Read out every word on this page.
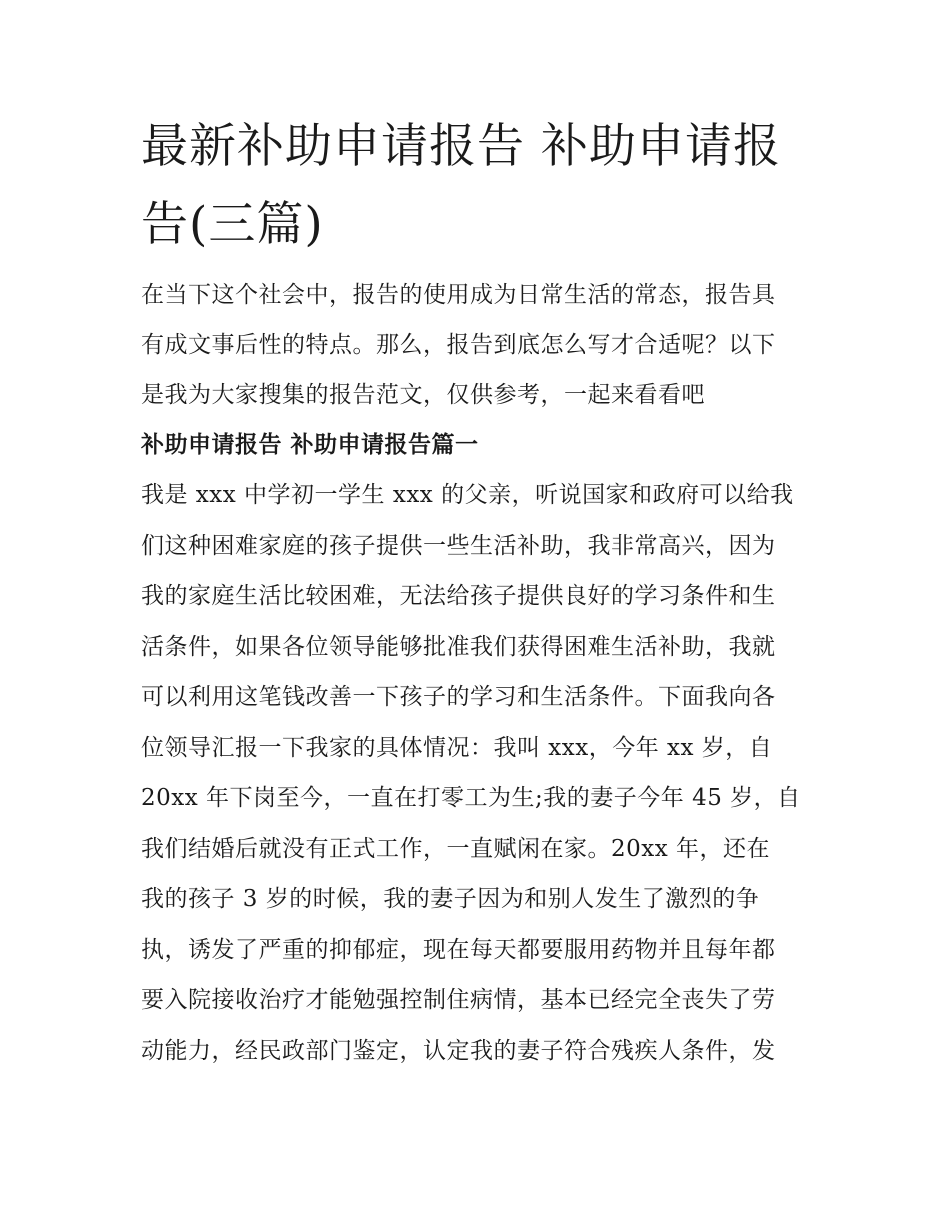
最新补助申请报告 补助申请报
告(三篇)

在当下这个社会中，报告的使用成为日常生活的常态，报告具
有成文事后性的特点。那么，报告到底怎么写才合适呢？以下
是我为大家搜集的报告范文，仅供参考，一起来看看吧

补助申请报告 补助申请报告篇一

我是 xxx 中学初一学生 xxx 的父亲，听说国家和政府可以给我
们这种困难家庭的孩子提供一些生活补助，我非常高兴，因为
我的家庭生活比较困难，无法给孩子提供良好的学习条件和生
活条件，如果各位领导能够批准我们获得困难生活补助，我就
可以利用这笔钱改善一下孩子的学习和生活条件。下面我向各
位领导汇报一下我家的具体情况：我叫 xxx，今年 xx 岁，自
20xx 年下岗至今，一直在打零工为生;我的妻子今年 45 岁，自
我们结婚后就没有正式工作，一直赋闲在家。20xx 年，还在
我的孩子 3 岁的时候，我的妻子因为和别人发生了激烈的争
执，诱发了严重的抑郁症，现在每天都要服用药物并且每年都
要入院接收治疗才能勉强控制住病情，基本已经完全丧失了劳
动能力，经民政部门鉴定，认定我的妻子符合残疾人条件，发
